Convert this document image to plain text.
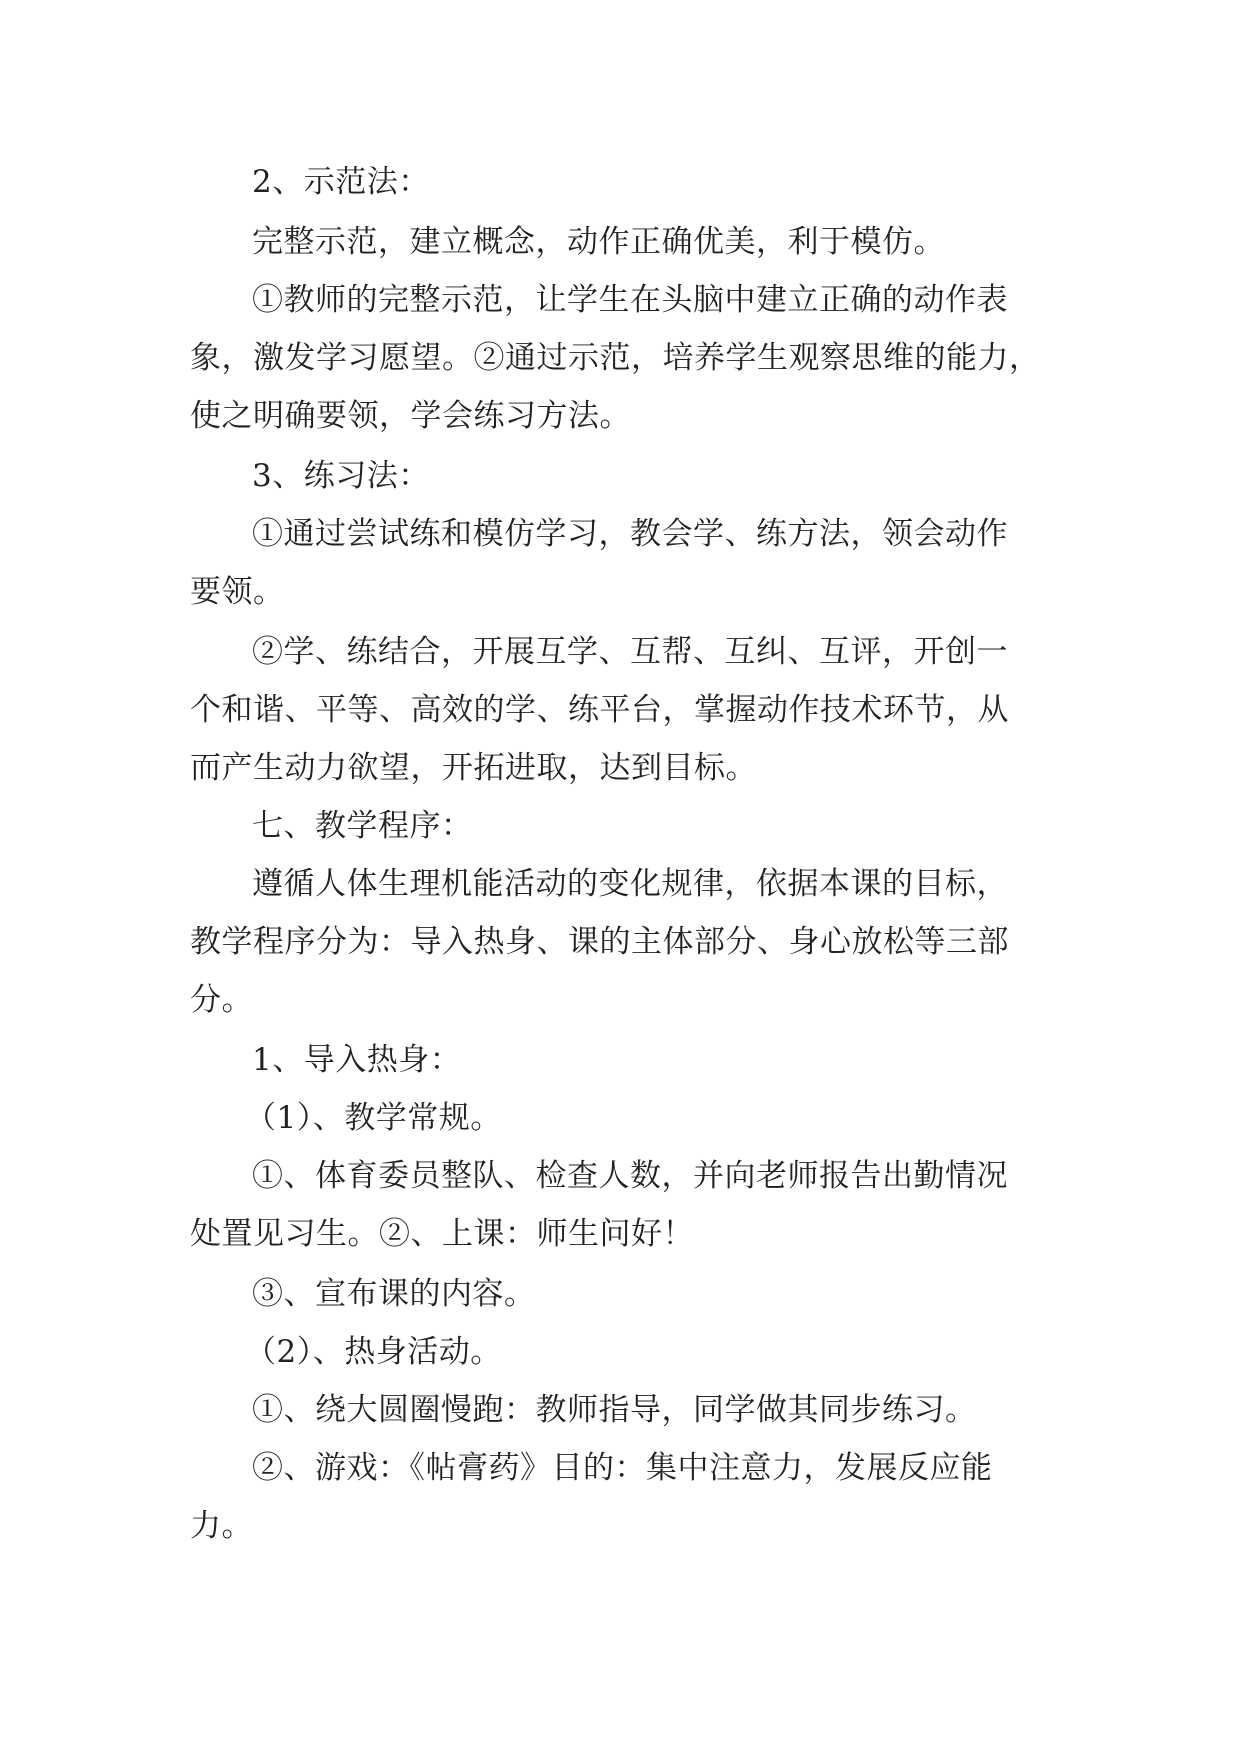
2、示范法：
完整示范，建立概念，动作正确优美，利于模仿。
①教师的完整示范，让学生在头脑中建立正确的动作表
象，激发学习愿望。②通过示范，培养学生观察思维的能力，
使之明确要领，学会练习方法。
3、练习法：
①通过尝试练和模仿学习，教会学、练方法，领会动作
要领。
②学、练结合，开展互学、互帮、互纠、互评，开创一
个和谐、平等、高效的学、练平台，掌握动作技术环节，从
而产生动力欲望，开拓进取，达到目标。
七、教学程序：
遵循人体生理机能活动的变化规律，依据本课的目标，
教学程序分为：导入热身、课的主体部分、身心放松等三部
分。
1、导入热身：
（1）、教学常规。
①、体育委员整队、检查人数，并向老师报告出勤情况
处置见习生。②、上课：师生问好！
③、宣布课的内容。
（2）、热身活动。
①、绕大圆圈慢跑：教师指导，同学做其同步练习。
②、游戏：《帖膏药》目的：集中注意力，发展反应能
力。
